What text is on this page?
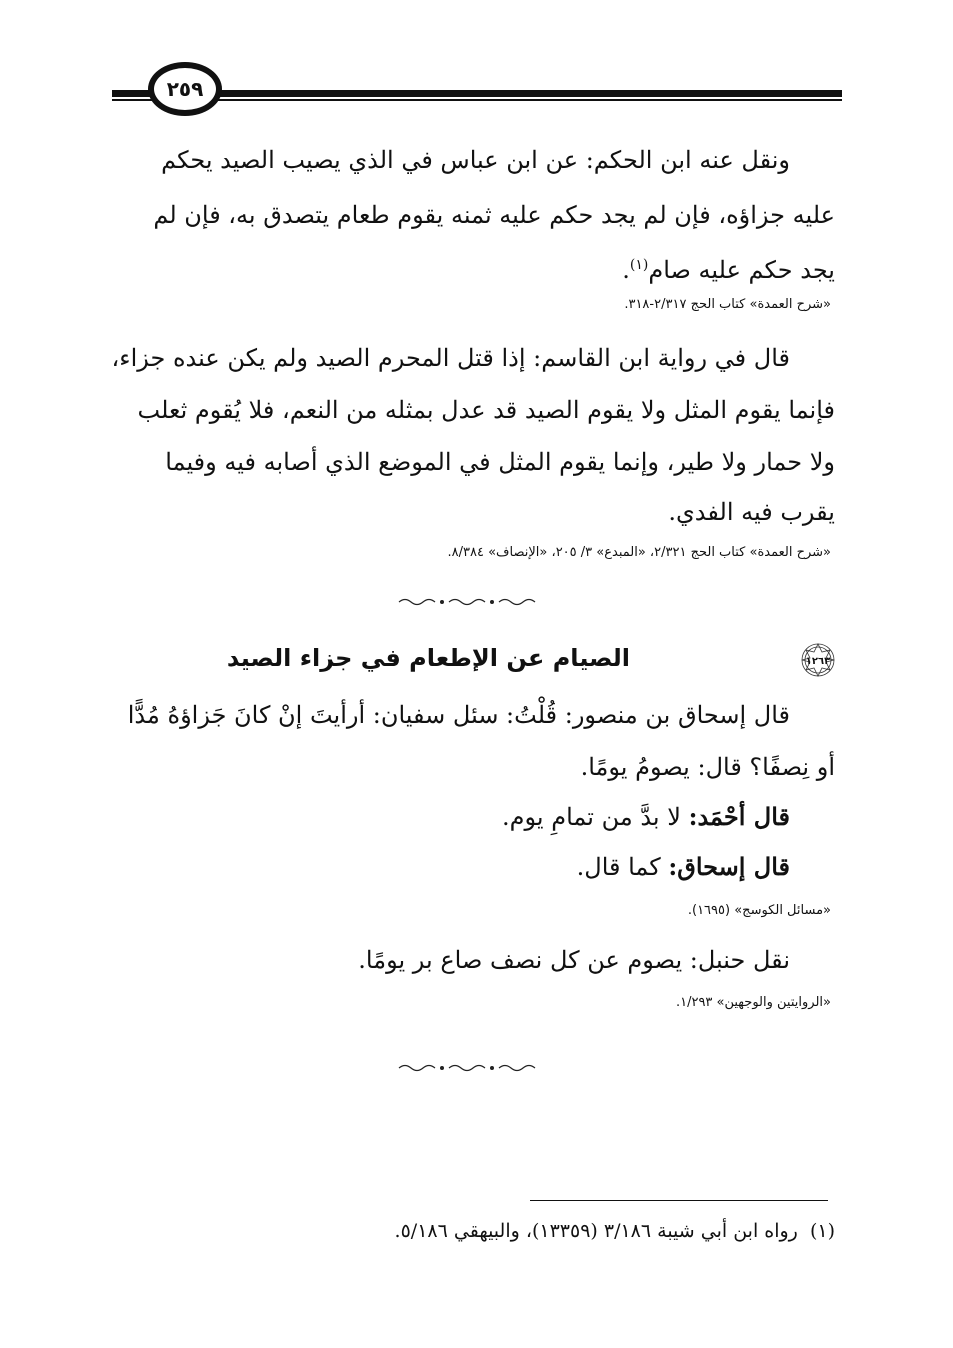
٢٥٩
ونقل عنه ابن الحكم: عن ابن عباس في الذي يصيب الصيد يحكم
عليه جزاؤه، فإن لم يجد حكم عليه ثمنه يقوم طعام يتصدق به، فإن لم
يجد حكم عليه صام$^{(١)}$.
«شرح العمدة» كتاب الحج ٢/٣١٧-٣١٨.
قال في رواية ابن القاسم: إذا قتل المحرم الصيد ولم يكن عنده جزاء،
فإنما يقوم المثل ولا يقوم الصيد قد عدل بمثله من النعم، فلا يُقوم ثعلب
ولا حمار ولا طير، وإنما يقوم المثل في الموضع الذي أصابه فيه وفيما
يقرب فيه الفدي.
«شرح العمدة» كتاب الحج ٢/٣٢١، «المبدع» ٣/ ٢٠٥، «الإنصاف» ٨/٣٨٤.
١٢٦٣
الصيام عن الإطعام في جزاء الصيد
قال إسحاق بن منصور: قُلْتُ: سئل سفيان: أرأيتَ إنْ كانَ جَزاؤهُ مُدًّا
أو نِصفًا؟ قال: يصومُ يومًا.
قال أحْمَد: لا بدَّ من تمامِ يوم.
قال إسحاق: كما قال.
«مسائل الكوسج» (١٦٩٥).
نقل حنبل: يصوم عن كل نصف صاع بر يومًا.
«الروايتين والوجهين» ١/٢٩٣.
(١)  رواه ابن أبي شيبة ٣/١٨٦ (١٣٣٥٩)، والبيهقي ٥/١٨٦.
